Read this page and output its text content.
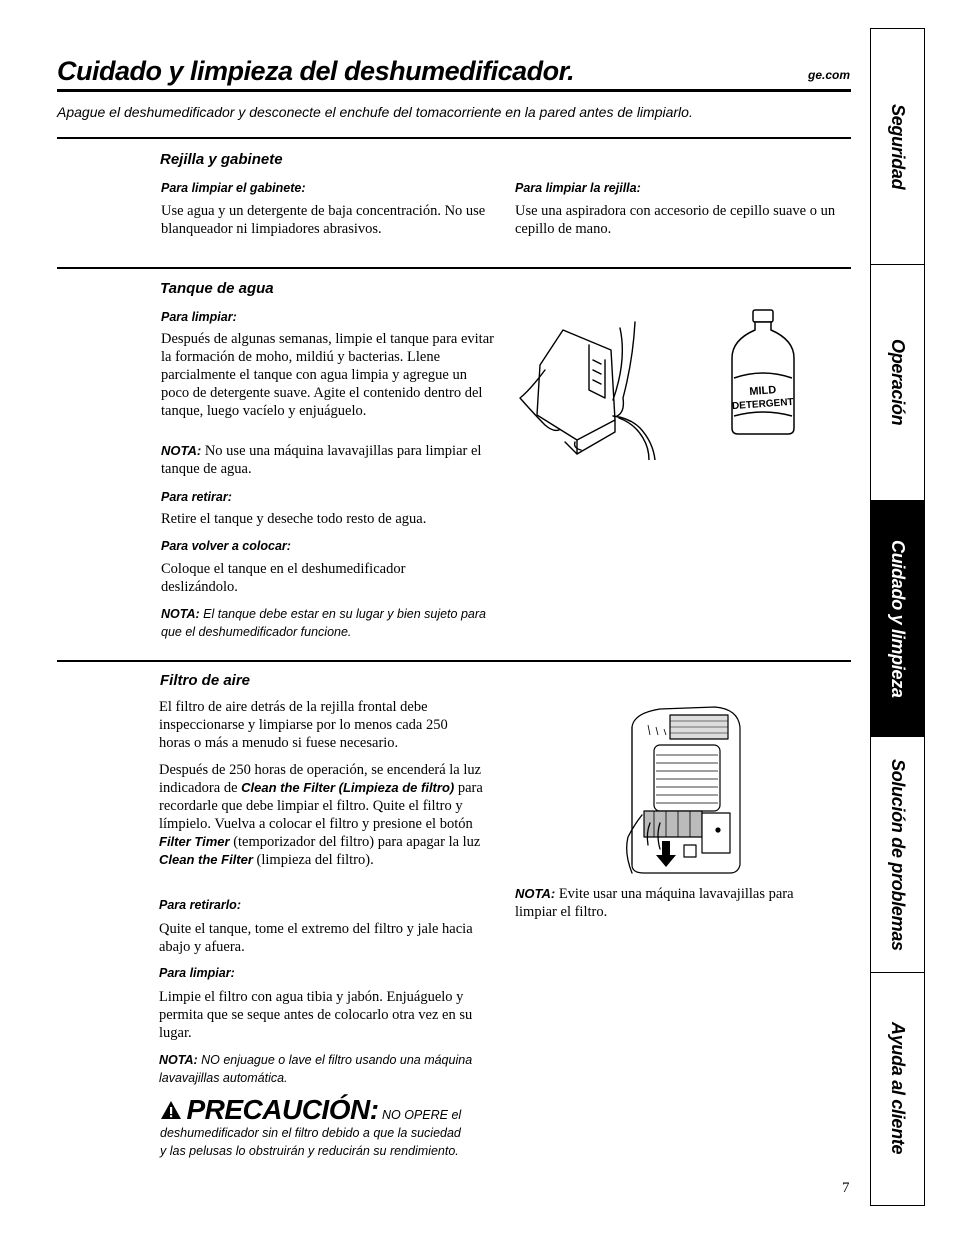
Cuidado y limpieza del deshumedificador.	ge.com
Apague el deshumedificador y desconecte el enchufe del tomacorriente en la pared antes de limpiarlo.
Rejilla y gabinete
Para limpiar el gabinete:
Use agua y un detergente de baja concentración. No use blanqueador ni limpiadores abrasivos.
Para limpiar la rejilla:
Use una aspiradora con accesorio de cepillo suave o un cepillo de mano.
Tanque de agua
Para limpiar:
Después de algunas semanas, limpie el tanque para evitar la formación de moho, mildiú y bacterias. Llene parcialmente el tanque con agua limpia y agregue un poco de detergente suave. Agite el contenido dentro del tanque, luego vacíelo y enjuáguelo.
NOTA: No use una máquina lavavajillas para limpiar el tanque de agua.
Para retirar:
Retire el tanque y deseche todo resto de agua.
Para volver a colocar:
Coloque el tanque en el deshumedificador deslizándolo.
NOTA: El tanque debe estar en su lugar y bien sujeto para que el deshumedificador funcione.
MILD
DETERGENT
Filtro de aire
El filtro de aire detrás de la rejilla frontal debe inspeccionarse y limpiarse por lo menos cada 250 horas o más a menudo si fuese necesario.
Después de 250 horas de operación, se encenderá la luz indicadora de Clean the Filter (Limpieza de filtro) para recordarle que debe limpiar el filtro. Quite el filtro y límpielo. Vuelva a colocar el filtro y presione el botón Filter Timer (temporizador del filtro) para apagar la luz Clean the Filter (limpieza del filtro).
Para retirarlo:
Quite el tanque, tome el extremo del filtro y jale hacia abajo y afuera.
Para limpiar:
Limpie el filtro con agua tibia y jabón. Enjuáguelo y permita que se seque antes de colocarlo otra vez en su lugar.
NOTA: NO enjuague o lave el filtro usando una máquina lavavajillas automática.
NOTA: Evite usar una máquina lavavajillas para limpiar el filtro.
PRECAUCIÓN: NO OPERE el
deshumedificador sin el filtro debido a que la suciedad
y las pelusas lo obstruirán y reducirán su rendimiento.
7
Seguridad
Operación
Cuidado y limpieza
Solución de problemas
Ayuda al cliente
